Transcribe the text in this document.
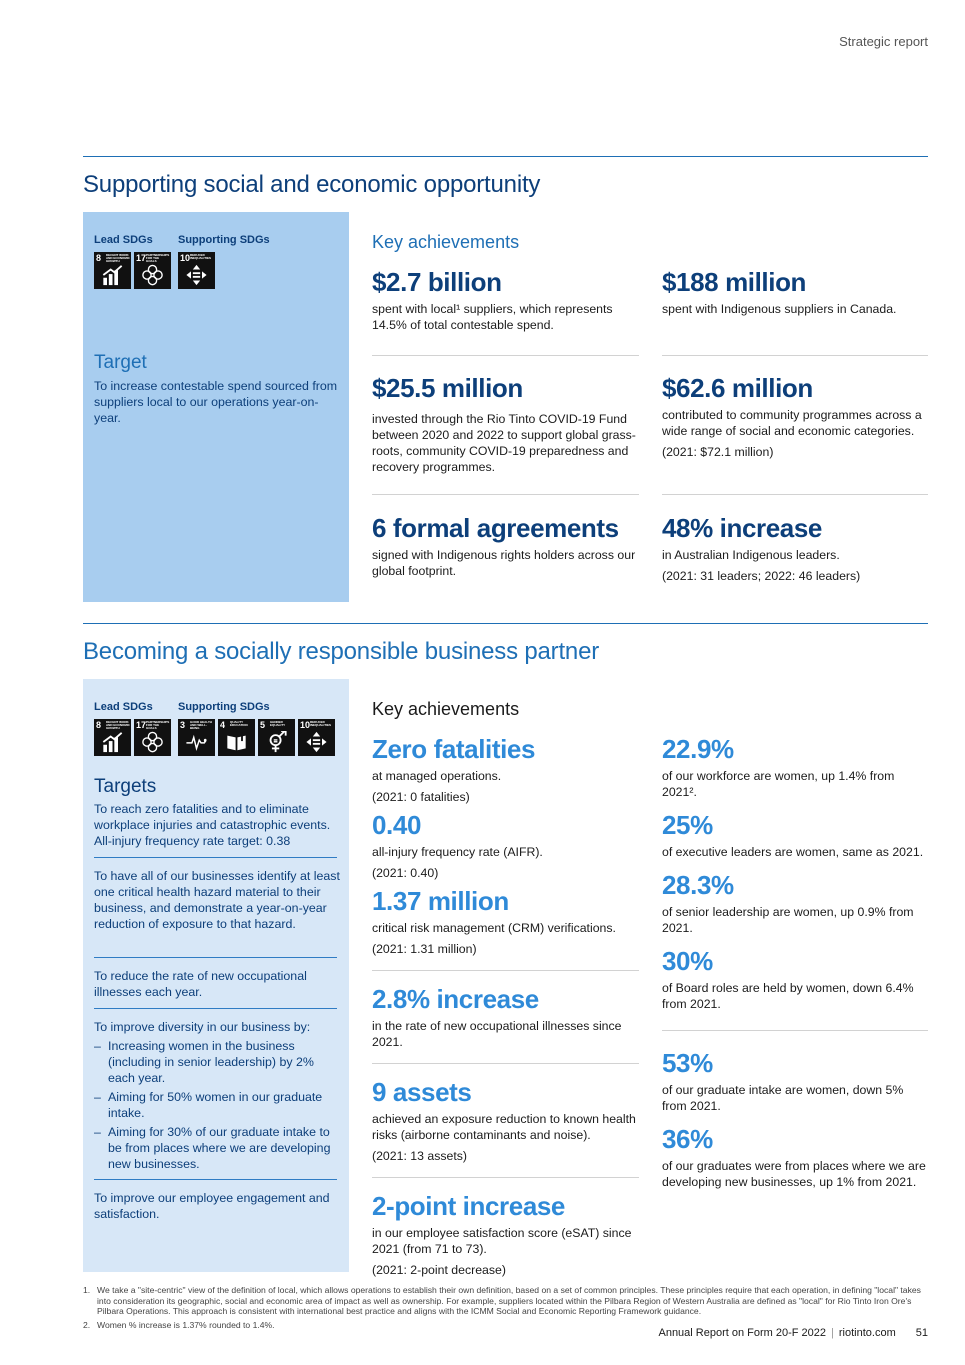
Strategic report
Supporting social and economic opportunity
Lead SDGs Supporting SDGs
8 DECENT WORK AND ECONOMIC GROWTH	17 PARTNERSHIPS FOR THE GOALS	10 REDUCED INEQUALITIES
Target
To increase contestable spend sourced from suppliers local to our operations year-on-year.
Key achievements
$2.7 billion
spent with local¹ suppliers, which represents 14.5% of total contestable spend.
$188 million
spent with Indigenous suppliers in Canada.
$25.5 million
invested through the Rio Tinto COVID-19 Fund between 2020 and 2022 to support global grass-roots, community COVID-19 preparedness and recovery programmes.
$62.6 million
contributed to community programmes across a wide range of social and economic categories.
(2021: $72.1 million)
6 formal agreements
signed with Indigenous rights holders across our global footprint.
48% increase
in Australian Indigenous leaders.
(2021: 31 leaders; 2022: 46 leaders)
Becoming a socially responsible business partner
Lead SDGs Supporting SDGs
8 DECENT WORK AND ECONOMIC GROWTH	17 PARTNERSHIPS FOR THE GOALS	3 GOOD HEALTH AND WELL-BEING	4 QUALITY EDUCATION	5 GENDER EQUALITY	10 REDUCED INEQUALITIES
Targets
To reach zero fatalities and to eliminate workplace injuries and catastrophic events. All-injury frequency rate target: 0.38
To have all of our businesses identify at least one critical health hazard material to their business, and demonstrate a year-on-year reduction of exposure to that hazard.
To reduce the rate of new occupational illnesses each year.
To improve diversity in our business by:
– Increasing women in the business (including in senior leadership) by 2% each year.
– Aiming for 50% women in our graduate intake.
– Aiming for 30% of our graduate intake to be from places where we are developing new businesses.
To improve our employee engagement and satisfaction.
Key achievements
Zero fatalities
at managed operations.
(2021: 0 fatalities)
0.40
all-injury frequency rate (AIFR).
(2021: 0.40)
1.37 million
critical risk management (CRM) verifications.
(2021: 1.31 million)
2.8% increase
in the rate of new occupational illnesses since 2021.
9 assets
achieved an exposure reduction to known health risks (airborne contaminants and noise).
(2021: 13 assets)
2-point increase
in our employee satisfaction score (eSAT) since 2021 (from 71 to 73).
(2021: 2-point decrease)
22.9%
of our workforce are women, up 1.4% from 2021².
25%
of executive leaders are women, same as 2021.
28.3%
of senior leadership are women, up 0.9% from 2021.
30%
of Board roles are held by women, down 6.4% from 2021.
53%
of our graduate intake are women, down 5% from 2021.
36%
of our graduates were from places where we are developing new businesses, up 1% from 2021.
1. We take a "site-centric" view of the definition of local, which allows operations to establish their own definition, based on a set of common principles. These principles require that each operation, in defining "local" takes into consideration its geographic, social and economic area of impact as well as ownership. For example, suppliers located within the Pilbara Region of Western Australia are defined as "local" for Rio Tinto Iron Ore's Pilbara Operations. This approach is consistent with international best practice and aligns with the ICMM Social and Economic Reporting Framework guidance.
2. Women % increase is 1.37% rounded to 1.4%.
Annual Report on Form 20-F 2022 | riotinto.com 51
